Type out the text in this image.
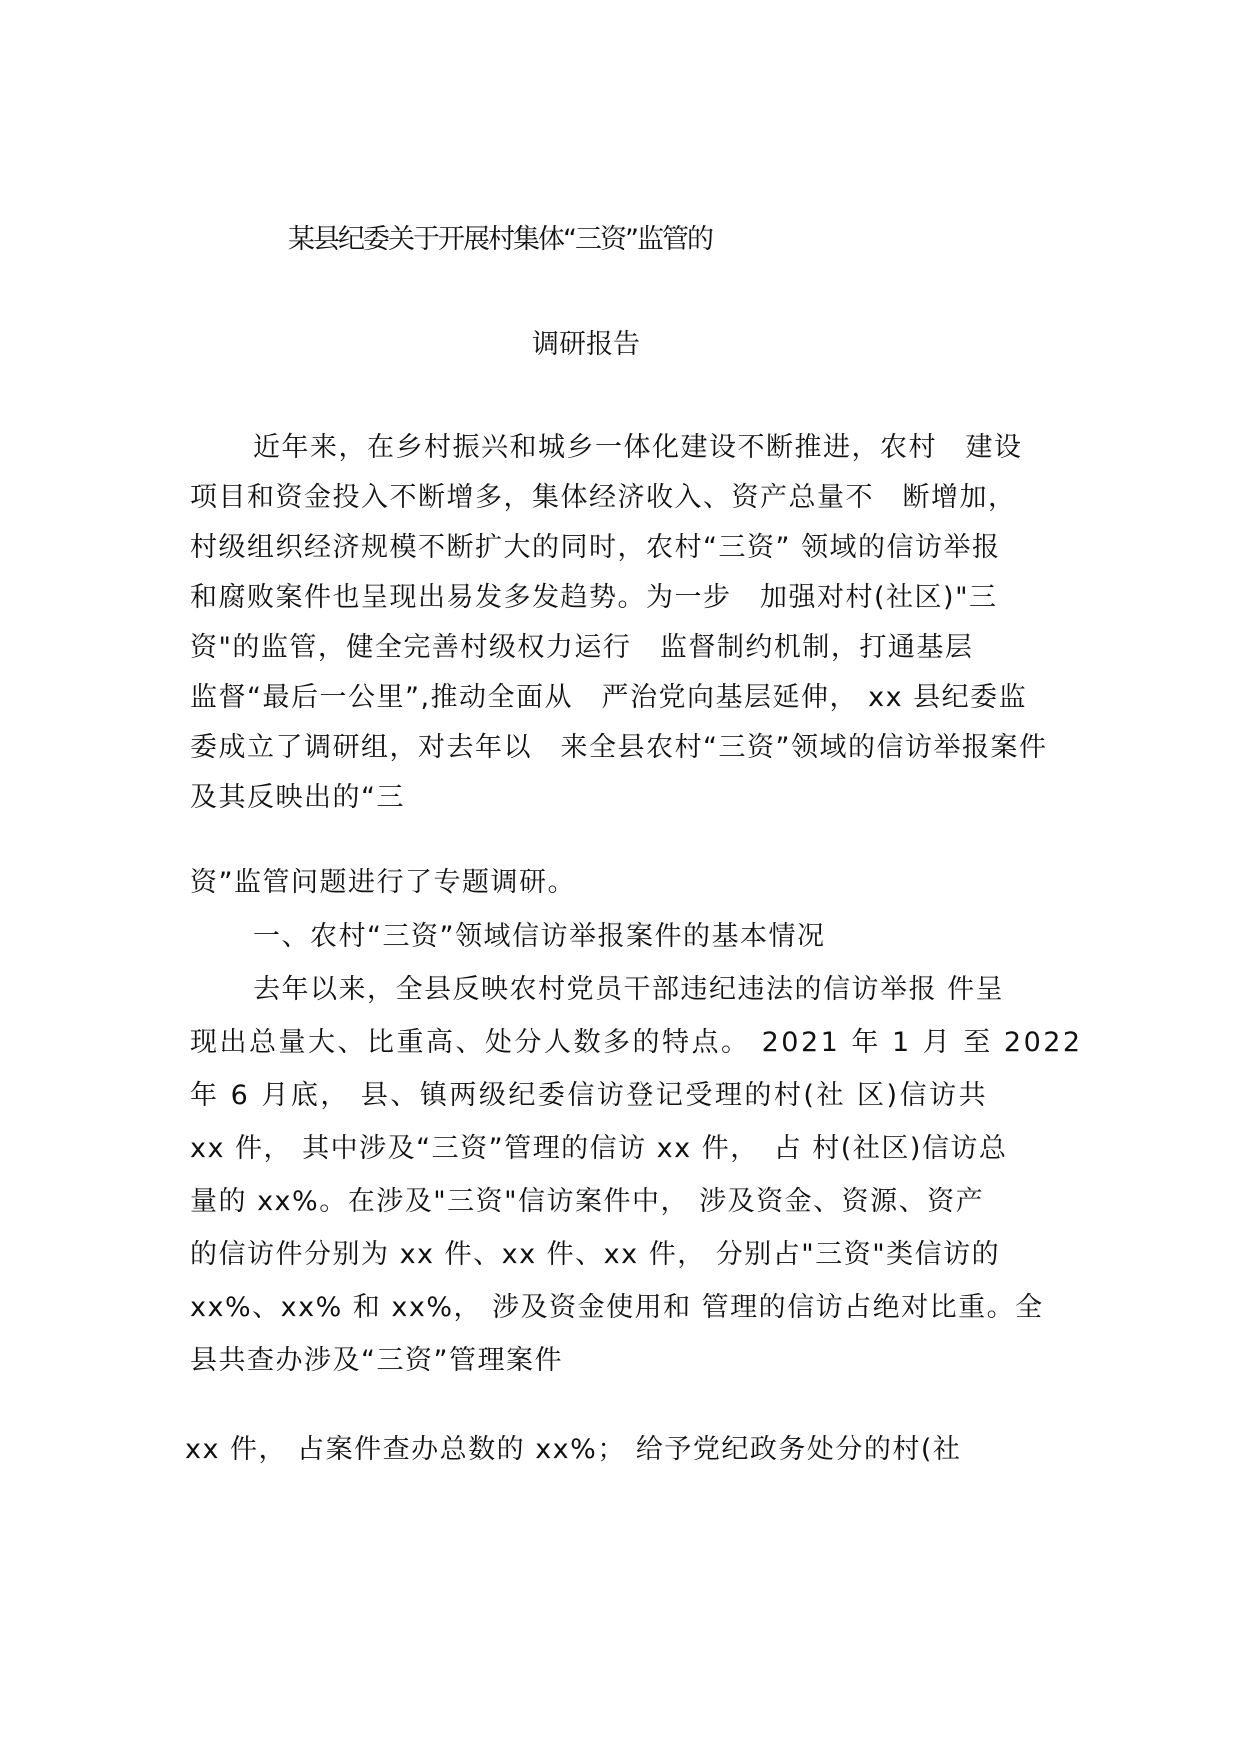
某县纪委关于开展村集体“三资”监管的
调研报告
近年来，在乡村振兴和城乡一体化建设不断推进，农村　建设
项目和资金投入不断增多，集体经济收入、资产总量不　断增加，
村级组织经济规模不断扩大的同时，农村“三资” 领域的信访举报
和腐败案件也呈现出易发多发趋势。为一步　加强对村(社区)"三
资"的监管，健全完善村级权力运行　监督制约机制，打通基层
监督“最后一公里”,推动全面从　严治党向基层延伸， xx 县纪委监
委成立了调研组，对去年以　来全县农村“三资”领域的信访举报案件
及其反映出的“三
资”监管问题进行了专题调研。
一、农村“三资”领域信访举报案件的基本情况
去年以来，全县反映农村党员干部违纪违法的信访举报 件呈
现出总量大、比重高、处分人数多的特点。 2021 年 1 月 至 2022
年 6 月底， 县、镇两级纪委信访登记受理的村(社 区)信访共
xx 件， 其中涉及“三资”管理的信访 xx 件，　占 村(社区)信访总
量的 xx%。在涉及"三资"信访案件中， 涉及资金、资源、资产
的信访件分别为 xx 件、xx 件、xx 件， 分别占"三资"类信访的
xx%、xx% 和 xx%， 涉及资金使用和 管理的信访占绝对比重。全
县共查办涉及“三资”管理案件
xx 件， 占案件查办总数的 xx%； 给予党纪政务处分的村(社
